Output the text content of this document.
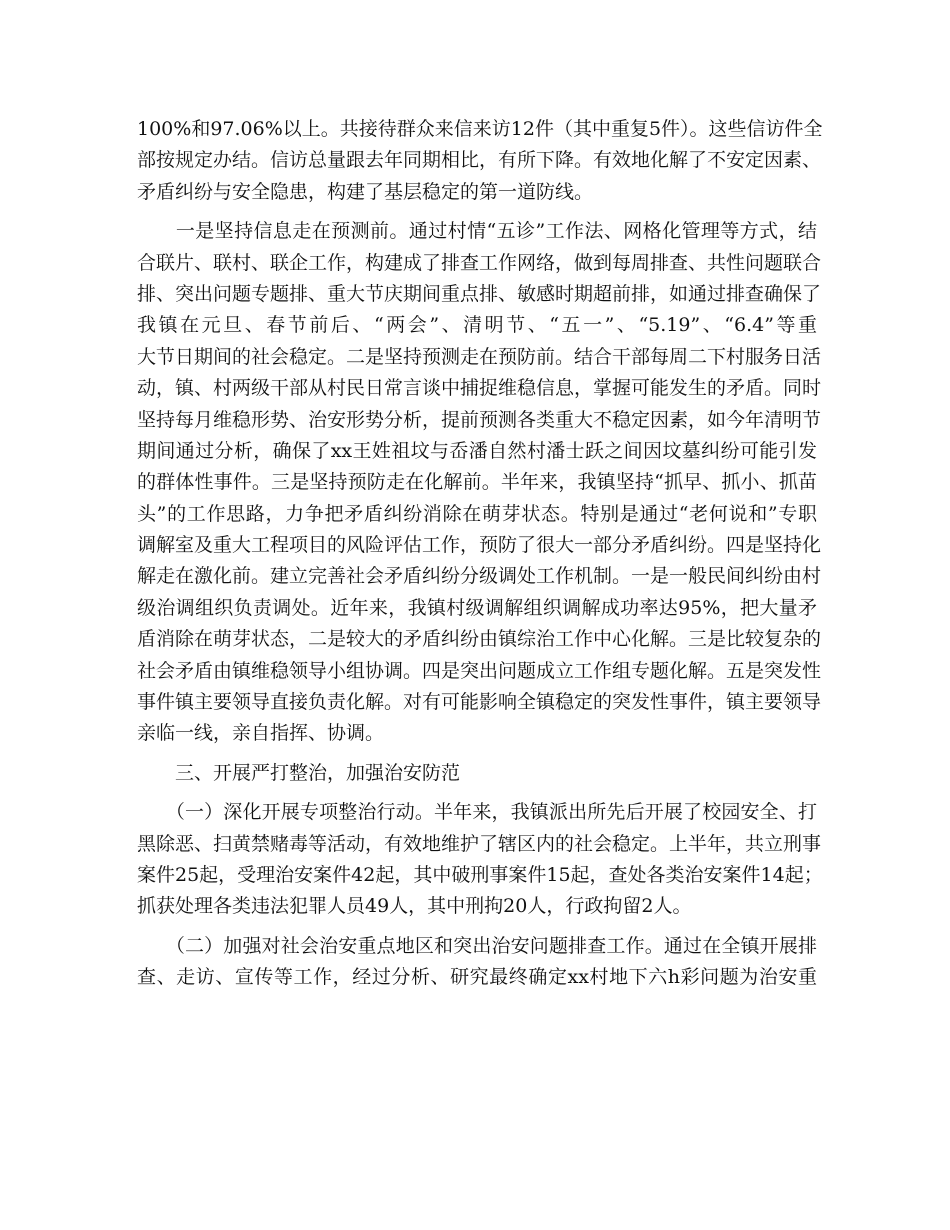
100%和97.06%以上。共接待群众来信来访12件（其中重复5件）。这些信访件全
部按规定办结。信访总量跟去年同期相比，有所下降。有效地化解了不安定因素、
矛盾纠纷与安全隐患，构建了基层稳定的第一道防线。
　　一是坚持信息走在预测前。通过村情“五诊”工作法、网格化管理等方式，结
合联片、联村、联企工作，构建成了排查工作网络，做到每周排查、共性问题联合
排、突出问题专题排、重大节庆期间重点排、敏感时期超前排，如通过排查确保了
我镇在元旦、春节前后、“两会”、清明节、“五一”、“5.19”、“6.4”等重
大节日期间的社会稳定。二是坚持预测走在预防前。结合干部每周二下村服务日活
动，镇、村两级干部从村民日常言谈中捕捉维稳信息，掌握可能发生的矛盾。同时
坚持每月维稳形势、治安形势分析，提前预测各类重大不稳定因素，如今年清明节
期间通过分析，确保了xx王姓祖坟与岙潘自然村潘士跃之间因坟墓纠纷可能引发
的群体性事件。三是坚持预防走在化解前。半年来，我镇坚持“抓早、抓小、抓苗
头”的工作思路，力争把矛盾纠纷消除在萌芽状态。特别是通过“老何说和”专职
调解室及重大工程项目的风险评估工作，预防了很大一部分矛盾纠纷。四是坚持化
解走在激化前。建立完善社会矛盾纠纷分级调处工作机制。一是一般民间纠纷由村
级治调组织负责调处。近年来，我镇村级调解组织调解成功率达95%，把大量矛
盾消除在萌芽状态，二是较大的矛盾纠纷由镇综治工作中心化解。三是比较复杂的
社会矛盾由镇维稳领导小组协调。四是突出问题成立工作组专题化解。五是突发性
事件镇主要领导直接负责化解。对有可能影响全镇稳定的突发性事件，镇主要领导
亲临一线，亲自指挥、协调。
　　三、开展严打整治，加强治安防范
　　（一）深化开展专项整治行动。半年来，我镇派出所先后开展了校园安全、打
黑除恶、扫黄禁赌毒等活动，有效地维护了辖区内的社会稳定。上半年，共立刑事
案件25起，受理治安案件42起，其中破刑事案件15起，查处各类治安案件14起；
抓获处理各类违法犯罪人员49人，其中刑拘20人，行政拘留2人。
　　（二）加强对社会治安重点地区和突出治安问题排查工作。通过在全镇开展排
查、走访、宣传等工作，经过分析、研究最终确定xx村地下六h彩问题为治安重
